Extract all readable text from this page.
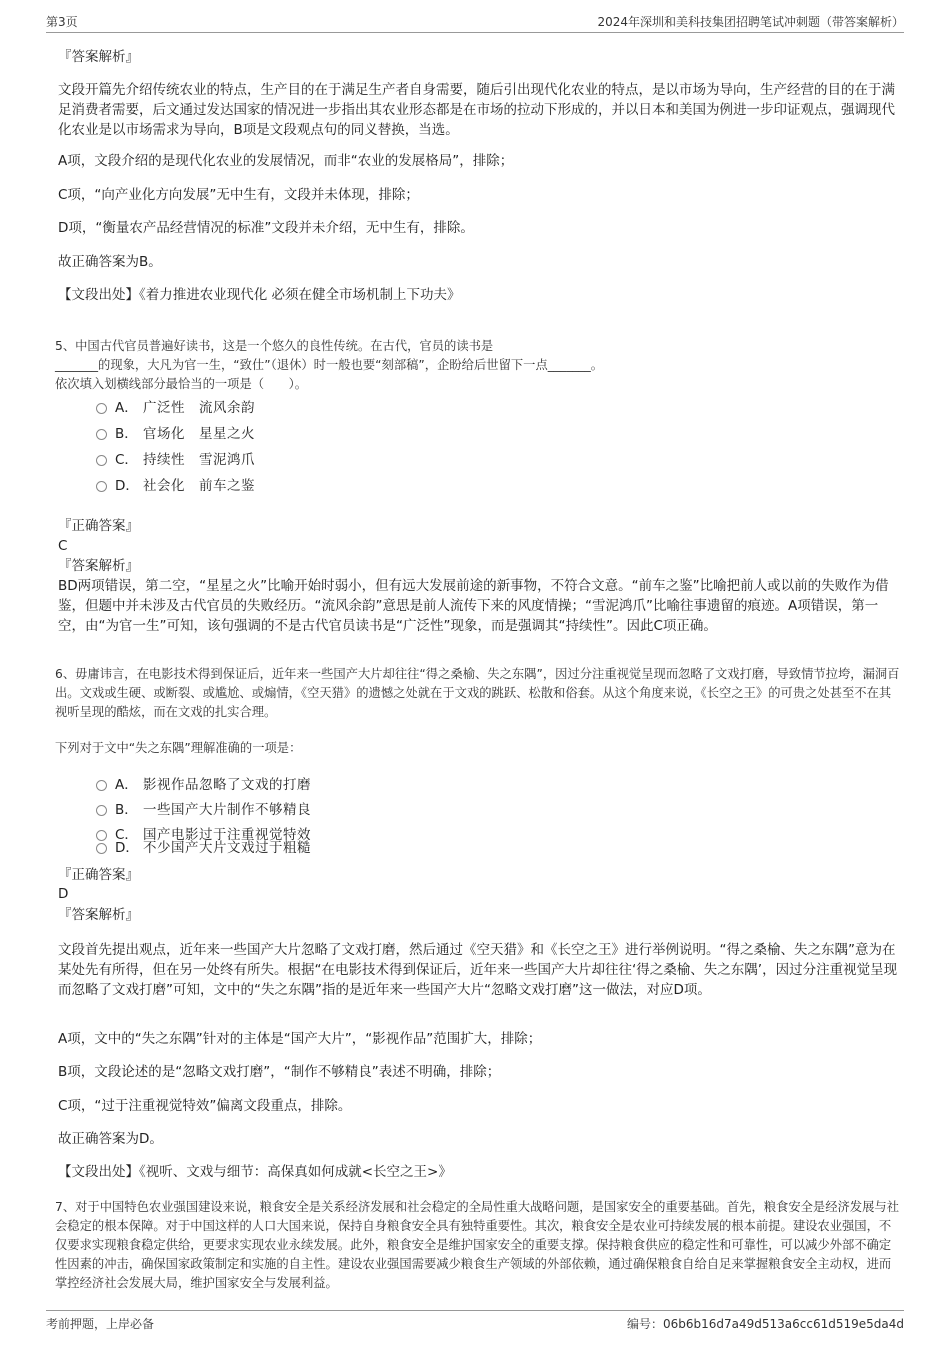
第3页	2024年深圳和美科技集团招聘笔试冲刺题（带答案解析）
『答案解析』
文段开篇先介绍传统农业的特点，生产目的在于满足生产者自身需要，随后引出现代化农业的特点，是以市场为导向，生产经营的目的在于满足消费者需要，后文通过发达国家的情况进一步指出其农业形态都是在市场的拉动下形成的，并以日本和美国为例进一步印证观点，强调现代化农业是以市场需求为导向，B项是文段观点句的同义替换，当选。
A项，文段介绍的是现代化农业的发展情况，而非“农业的发展格局”，排除；
C项，“向产业化方向发展”无中生有，文段并未体现，排除；
D项，“衡量农产品经营情况的标准”文段并未介绍，无中生有，排除。
故正确答案为B。
【文段出处】《着力推进农业现代化 必须在健全市场机制上下功夫》
5、中国古代官员普遍好读书，这是一个悠久的良性传统。在古代，官员的读书是
_______的现象，大凡为官一生，“致仕”（退休）时一般也要“刻部稿”，企盼给后世留下一点_______。
依次填入划横线部分最恰当的一项是（　　）。
A． 广泛性　流风余韵
B． 官场化　星星之火
C． 持续性　雪泥鸿爪
D． 社会化　前车之鉴
『正确答案』
C
『答案解析』
BD两项错误，第二空，“星星之火”比喻开始时弱小，但有远大发展前途的新事物，不符合文意。“前车之鉴”比喻把前人或以前的失败作为借鉴，但题中并未涉及古代官员的失败经历。“流风余韵”意思是前人流传下来的风度情操；“雪泥鸿爪”比喻往事遗留的痕迹。A项错误，第一空，由“为官一生”可知，该句强调的不是古代官员读书是“广泛性”现象，而是强调其“持续性”。因此C项正确。
6、毋庸讳言，在电影技术得到保证后，近年来一些国产大片却往往“得之桑榆、失之东隅”，因过分注重视觉呈现而忽略了文戏打磨，导致情节拉垮，漏洞百出。文戏或生硬、或断裂、或尴尬、或煽情，《空天猎》的遗憾之处就在于文戏的跳跃、松散和俗套。从这个角度来说，《长空之王》的可贵之处甚至不在其视听呈现的酷炫，而在文戏的扎实合理。
下列对于文中“失之东隅”理解准确的一项是：
A． 影视作品忽略了文戏的打磨
B． 一些国产大片制作不够精良
C． 国产电影过于注重视觉特效
D． 不少国产大片文戏过于粗糙
『正确答案』
D
『答案解析』
文段首先提出观点，近年来一些国产大片忽略了文戏打磨，然后通过《空天猎》和《长空之王》进行举例说明。“得之桑榆、失之东隅”意为在某处先有所得，但在另一处终有所失。根据“在电影技术得到保证后，近年来一些国产大片却往往‘得之桑榆、失之东隅’，因过分注重视觉呈现而忽略了文戏打磨”可知，文中的“失之东隅”指的是近年来一些国产大片“忽略文戏打磨”这一做法，对应D项。
A项，文中的“失之东隅”针对的主体是“国产大片”，“影视作品”范围扩大，排除；
B项，文段论述的是“忽略文戏打磨”，“制作不够精良”表述不明确，排除；
C项，“过于注重视觉特效”偏离文段重点，排除。
故正确答案为D。
【文段出处】《视听、文戏与细节：高保真如何成就<长空之王>》
7、对于中国特色农业强国建设来说，粮食安全是关系经济发展和社会稳定的全局性重大战略问题，是国家安全的重要基础。首先，粮食安全是经济发展与社会稳定的根本保障。对于中国这样的人口大国来说，保持自身粮食安全具有独特重要性。其次，粮食安全是农业可持续发展的根本前提。建设农业强国，不仅要求实现粮食稳定供给，更要求实现农业永续发展。此外，粮食安全是维护国家安全的重要支撑。保持粮食供应的稳定性和可靠性，可以减少外部不确定性因素的冲击，确保国家政策制定和实施的自主性。建设农业强国需要减少粮食生产领域的外部依赖，通过确保粮食自给自足来掌握粮食安全主动权，进而掌控经济社会发展大局，维护国家安全与发展利益。
考前押题，上岸必备	编号：06b6b16d7a49d513a6cc61d519e5da4d
